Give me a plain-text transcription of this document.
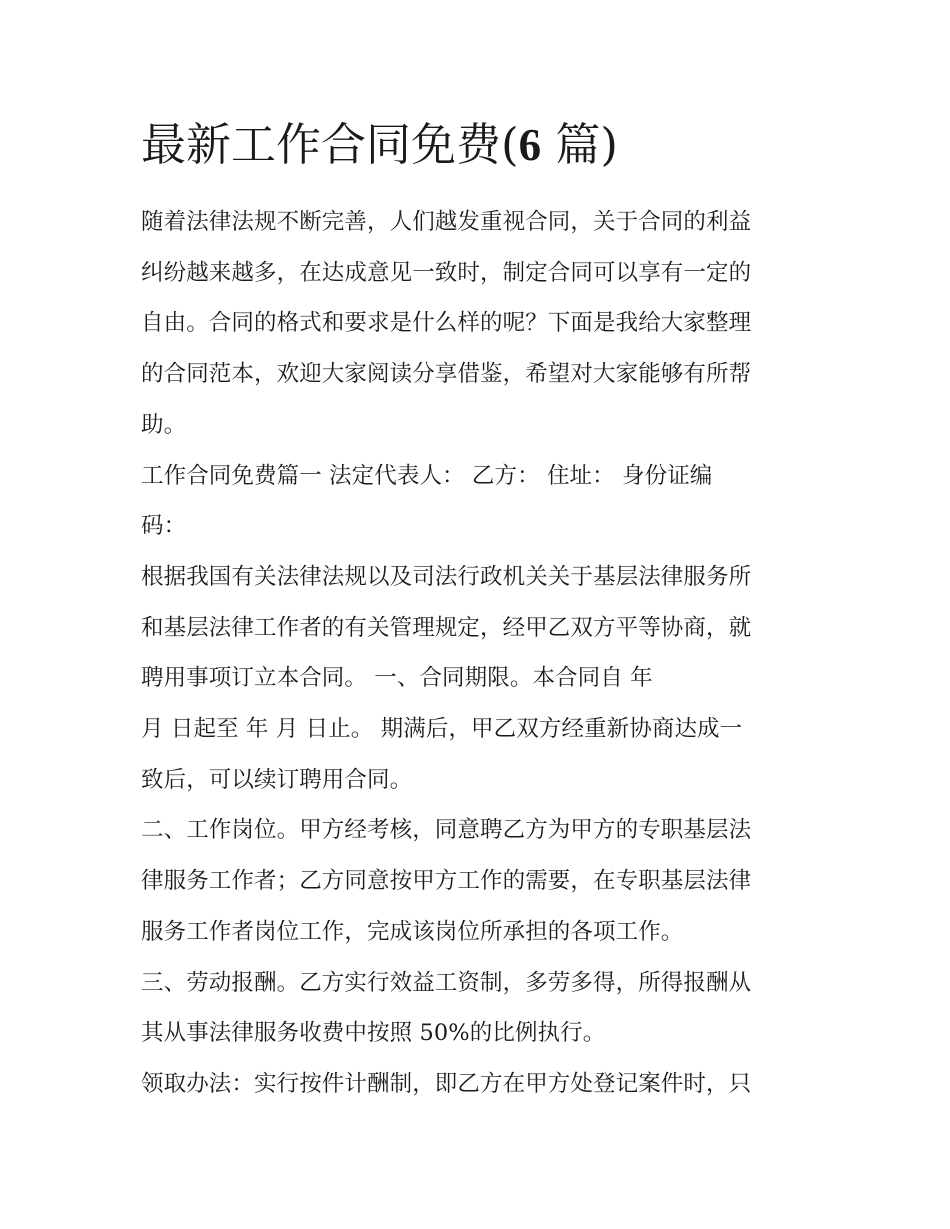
最新工作合同免费(6 篇)

随着法律法规不断完善，人们越发重视合同，关于合同的利益
纠纷越来越多，在达成意见一致时，制定合同可以享有一定的
自由。合同的格式和要求是什么样的呢？下面是我给大家整理
的合同范本，欢迎大家阅读分享借鉴，希望对大家能够有所帮
助。

工作合同免费篇一 法定代表人： 乙方： 住址： 身份证编
码：

根据我国有关法律法规以及司法行政机关关于基层法律服务所
和基层法律工作者的有关管理规定，经甲乙双方平等协商，就
聘用事项订立本合同。 一、合同期限。本合同自 年

月 日起至 年 月 日止。 期满后，甲乙双方经重新协商达成一
致后，可以续订聘用合同。

二、工作岗位。甲方经考核，同意聘乙方为甲方的专职基层法
律服务工作者；乙方同意按甲方工作的需要，在专职基层法律
服务工作者岗位工作，完成该岗位所承担的各项工作。

三、劳动报酬。乙方实行效益工资制，多劳多得，所得报酬从
其从事法律服务收费中按照 50%的比例执行。

领取办法：实行按件计酬制，即乙方在甲方处登记案件时，只
